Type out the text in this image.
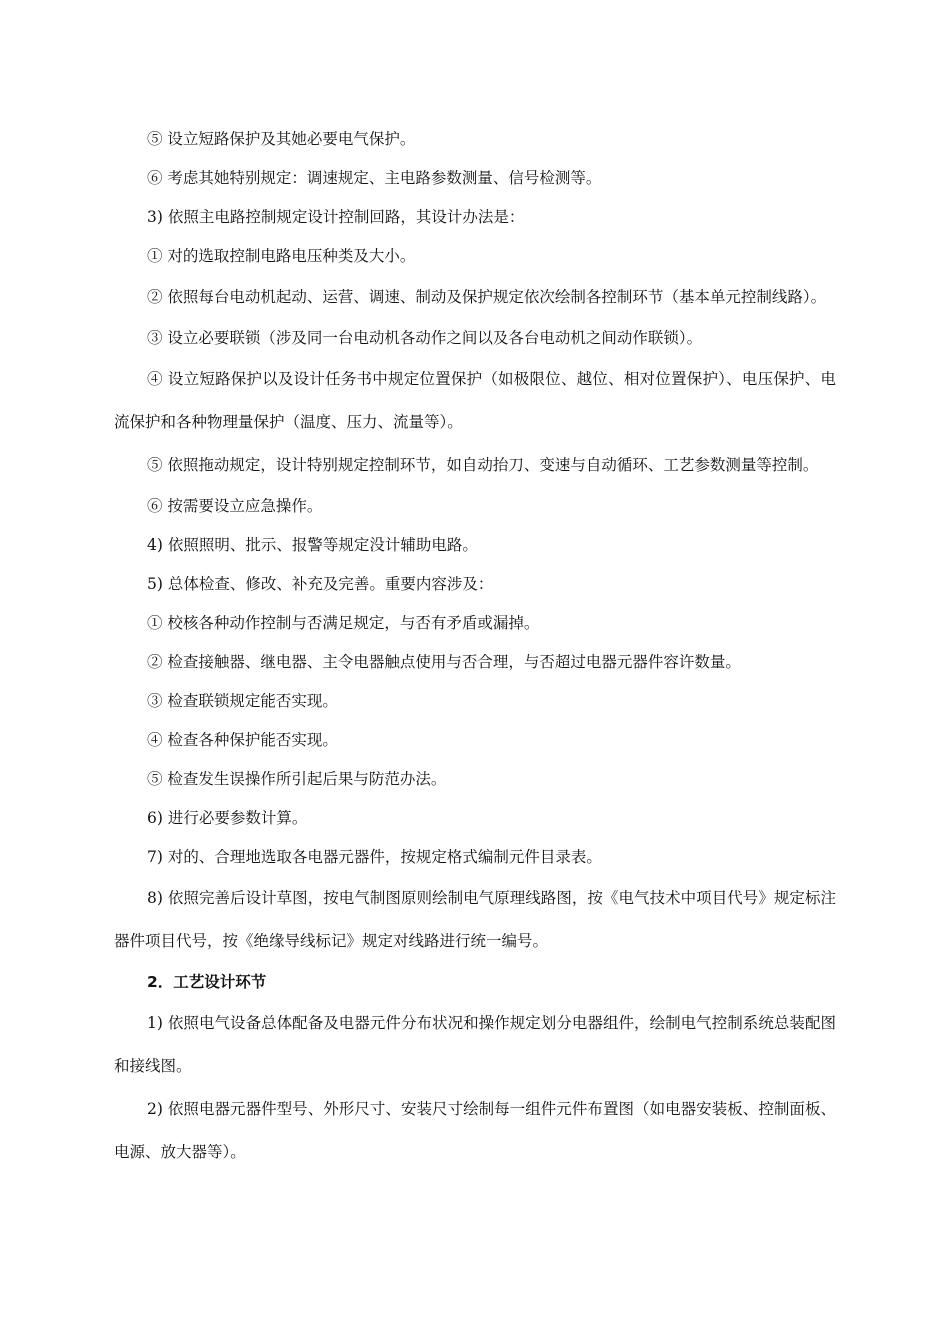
⑤ 设立短路保护及其她必要电气保护。

⑥ 考虑其她特别规定：调速规定、主电路参数测量、信号检测等。

3) 依照主电路控制规定设计控制回路，其设计办法是：

① 对的选取控制电路电压种类及大小。

② 依照每台电动机起动、运营、调速、制动及保护规定依次绘制各控制环节（基本单元控制线路）。

③ 设立必要联锁（涉及同一台电动机各动作之间以及各台电动机之间动作联锁）。

④ 设立短路保护以及设计任务书中规定位置保护（如极限位、越位、相对位置保护）、电压保护、电流保护和各种物理量保护（温度、压力、流量等）。

⑤ 依照拖动规定，设计特别规定控制环节，如自动抬刀、变速与自动循环、工艺参数测量等控制。

⑥ 按需要设立应急操作。

4) 依照照明、批示、报警等规定没计辅助电路。

5) 总体检查、修改、补充及完善。重要内容涉及：

① 校核各种动作控制与否满足规定，与否有矛盾或漏掉。

② 检查接触器、继电器、主令电器触点使用与否合理，与否超过电器元器件容许数量。

③ 检查联锁规定能否实现。

④ 检查各种保护能否实现。

⑤ 检查发生误操作所引起后果与防范办法。

6) 进行必要参数计算。

7) 对的、合理地选取各电器元器件，按规定格式编制元件目录表。

8) 依照完善后设计草图，按电气制图原则绘制电气原理线路图，按《电气技术中项目代号》规定标注器件项目代号，按《绝缘导线标记》规定对线路进行统一编号。

2．工艺设计环节

1) 依照电气设备总体配备及电器元件分布状况和操作规定划分电器组件，绘制电气控制系统总装配图和接线图。

2) 依照电器元器件型号、外形尺寸、安装尺寸绘制每一组件元件布置图（如电器安装板、控制面板、电源、放大器等）。
